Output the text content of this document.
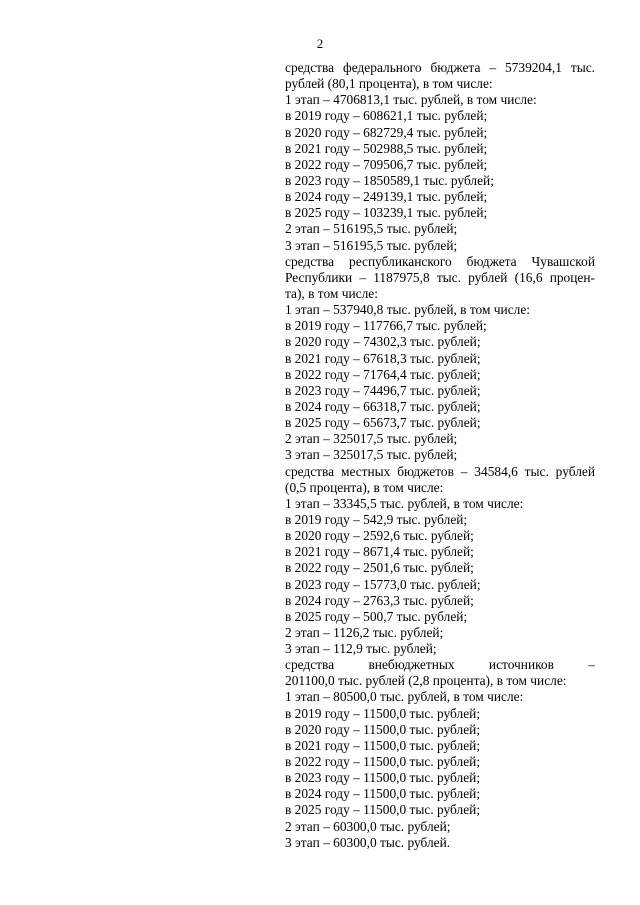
2
средства федерального бюджета – 5739204,1 тыс.
рублей (80,1 процента), в том числе:
1 этап – 4706813,1 тыс. рублей, в том числе:
в 2019 году – 608621,1 тыс. рублей;
в 2020 году – 682729,4 тыс. рублей;
в 2021 году – 502988,5 тыс. рублей;
в 2022 году – 709506,7 тыс. рублей;
в 2023 году – 1850589,1 тыс. рублей;
в 2024 году – 249139,1 тыс. рублей;
в 2025 году – 103239,1 тыс. рублей;
2 этап – 516195,5 тыс. рублей;
3 этап – 516195,5 тыс. рублей;
средства республиканского бюджета Чувашской
Республики – 1187975,8 тыс. рублей (16,6 процен-
та), в том числе:
1 этап – 537940,8 тыс. рублей, в том числе:
в 2019 году – 117766,7 тыс. рублей;
в 2020 году – 74302,3 тыс. рублей;
в 2021 году – 67618,3 тыс. рублей;
в 2022 году – 71764,4 тыс. рублей;
в 2023 году – 74496,7 тыс. рублей;
в 2024 году – 66318,7 тыс. рублей;
в 2025 году – 65673,7 тыс. рублей;
2 этап – 325017,5 тыс. рублей;
3 этап – 325017,5 тыс. рублей;
средства местных бюджетов – 34584,6 тыс. рублей
(0,5 процента), в том числе:
1 этап – 33345,5 тыс. рублей, в том числе:
в 2019 году – 542,9 тыс. рублей;
в 2020 году – 2592,6 тыс. рублей;
в 2021 году – 8671,4 тыс. рублей;
в 2022 году – 2501,6 тыс. рублей;
в 2023 году – 15773,0 тыс. рублей;
в 2024 году – 2763,3 тыс. рублей;
в 2025 году – 500,7 тыс. рублей;
2 этап – 1126,2 тыс. рублей;
3 этап – 112,9 тыс. рублей;
средства внебюджетных источников –
201100,0 тыс. рублей (2,8 процента), в том числе:
1 этап – 80500,0 тыс. рублей, в том числе:
в 2019 году – 11500,0 тыс. рублей;
в 2020 году – 11500,0 тыс. рублей;
в 2021 году – 11500,0 тыс. рублей;
в 2022 году – 11500,0 тыс. рублей;
в 2023 году – 11500,0 тыс. рублей;
в 2024 году – 11500,0 тыс. рублей;
в 2025 году – 11500,0 тыс. рублей;
2 этап – 60300,0 тыс. рублей;
3 этап – 60300,0 тыс. рублей.
